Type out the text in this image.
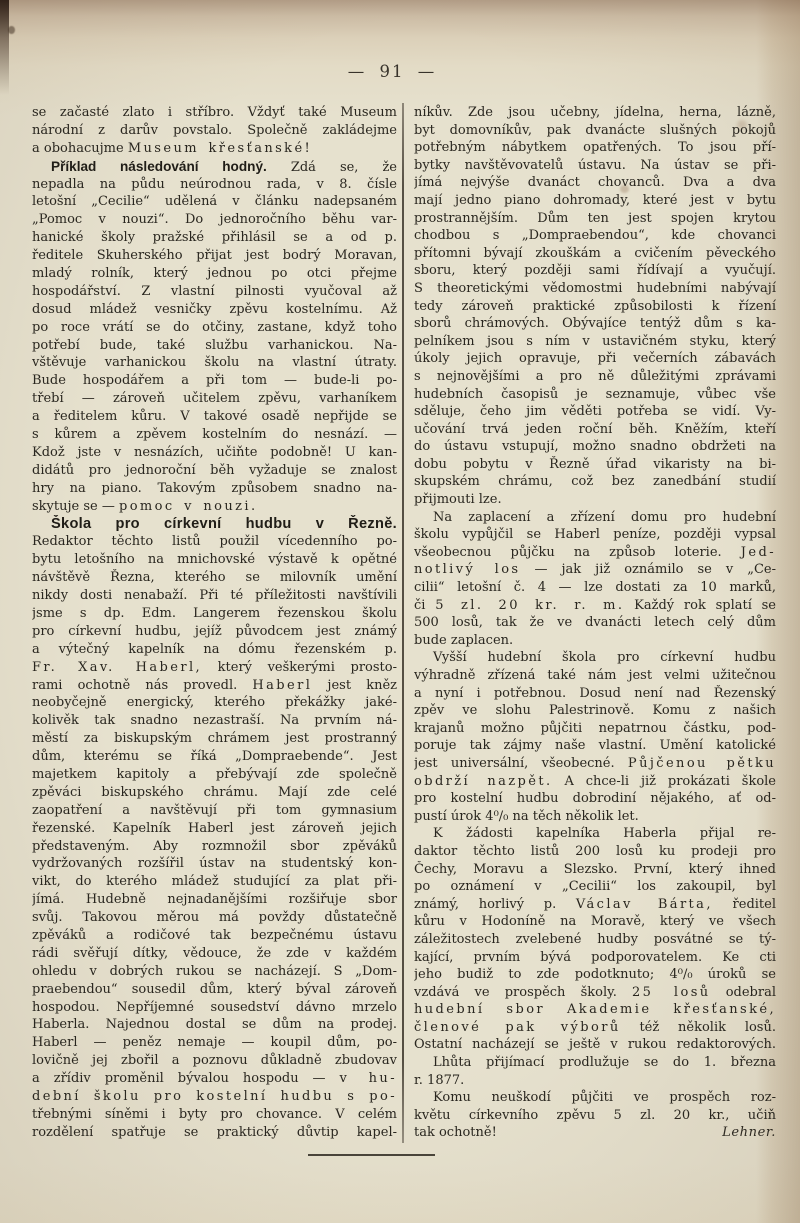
— 91 —
se začasté zlato i stříbro. Vždyť také Museum
národní z darův povstalo. Společně zakládejme
a obohacujme Museum křesťanské!
Příklad následování hodný. Zdá se, že
nepadla na půdu neúrodnou rada, v 8. čísle
letošní „Cecilie“ udělená v článku nadepsaném
„Pomoc v nouzi“. Do jednoročního běhu var-
hanické školy pražské přihlásil se a od p.
ředitele Skuherského přijat jest bodrý Moravan,
mladý rolník, který jednou po otci přejme
hospodářství. Z vlastní pilnosti vyučoval až
dosud mládež vesničky zpěvu kostelnímu. Až
po roce vrátí se do otčiny, zastane, když toho
potřebí bude, také službu varhanickou. Na-
vštěvuje varhanickou školu na vlastní útraty.
Bude hospodářem a při tom — bude-li po-
třebí — zároveň učitelem zpěvu, varhaníkem
a ředitelem kůru. V takové osadě nepřijde se
s kůrem a zpěvem kostelním do nesnází. —
Kdož jste v nesnázích, učiňte podobně! U kan-
didátů pro jednoroční běh vyžaduje se znalost
hry na piano. Takovým způsobem snadno na-
skytuje se — pomoc v nouzi.
Škola pro církevní hudbu v Řezně.
Redaktor těchto listů použil vícedenního po-
bytu letošního na mnichovské výstavě k opětné
návštěvě Řezna, kterého se milovník umění
nikdy dosti nenabaží. Při té příležitosti navštívili
jsme s dp. Edm. Langerem řezenskou školu
pro církevní hudbu, jejíž původcem jest známý
a výtečný kapelník na dómu řezenském p.
Fr. Xav. Haberl, který veškerými prosto-
rami ochotně nás provedl. Haberl jest kněz
neobyčejně energický, kterého překážky jaké-
kolivěk tak snadno nezastraší. Na prvním ná-
městí za biskupským chrámem jest prostranný
dům, kterému se říká „Dompraebende“. Jest
majetkem kapitoly a přebývají zde společně
zpěváci biskupského chrámu. Mají zde celé
zaopatření a navštěvují při tom gymnasium
řezenské. Kapelník Haberl jest zároveň jejich
představeným. Aby rozmnožil sbor zpěváků
vydržovaných rozšířil ústav na studentský kon-
vikt, do kterého mládež studující za plat při-
jímá. Hudebně nejnadanějšími rozšiřuje sbor
svůj. Takovou měrou má povždy důstatečně
zpěváků a rodičové tak bezpečnému ústavu
rádi svěřují dítky, vědouce, že zde v každém
ohledu v dobrých rukou se nacházejí. S „Dom-
praebendou“ sousedil dům, který býval zároveň
hospodou. Nepříjemné sousedství dávno mrzelo
Haberla. Najednou dostal se dům na prodej.
Haberl — peněz nemaje — koupil dům, po-
lovičně jej zbořil a poznovu důkladně zbudovav
a zřídiv proměnil bývalou hospodu — v hu-
dební školu pro kostelní hudbu s po-
třebnými síněmi i byty pro chovance. V celém
rozdělení spatřuje se praktický důvtip kapel-
níkův. Zde jsou učebny, jídelna, herna, lázně,
byt domovníkův, pak dvanácte slušných pokojů
potřebným nábytkem opatřených. To jsou pří-
bytky navštěvovatelů ústavu. Na ústav se při-
jímá nejvýše dvanáct chovanců. Dva a dva
mají jedno piano dohromady, které jest v bytu
prostrannějším. Dům ten jest spojen krytou
chodbou s „Dompraebendou“, kde chovanci
přítomni bývají zkouškám a cvičením pěveckého
sboru, který později sami řídívají a vyučují.
S theoretickými vědomostmi hudebními nabývají
tedy zároveň praktické způsobilosti k řízení
sborů chrámových. Obývajíce tentýž dům s ka-
pelníkem jsou s ním v ustavičném styku, který
úkoly jejich opravuje, při večerních zábavách
s nejnovějšími a pro ně důležitými zprávami
hudebních časopisů je seznamuje, vůbec vše
sděluje, čeho jim věděti potřeba se vidí. Vy-
učování trvá jeden roční běh. Kněžím, kteří
do ústavu vstupují, možno snadno obdržeti na
dobu pobytu v Řezně úřad vikaristy na bi-
skupském chrámu, což bez zanedbání studií
přijmouti lze.
Na zaplacení a zřízení domu pro hudební
školu vypůjčil se Haberl peníze, později vypsal
všeobecnou půjčku na způsob loterie. Jed-
notlivý los — jak již oznámilo se v „Ce-
cilii“ letošní č. 4 — lze dostati za 10 marků,
či 5 zl. 20 kr. r. m. Každý rok splatí se
500 losů, tak že ve dvanácti letech celý dům
bude zaplacen.
Vyšší hudební škola pro církevní hudbu
výhradně zřízená také nám jest velmi užitečnou
a nyní i potřebnou. Dosud není nad Řezenský
zpěv ve slohu Palestrinově. Komu z našich
krajanů možno půjčiti nepatrnou částku, pod-
poruje tak zájmy naše vlastní. Umění katolické
jest universální, všeobecné. Půjčenou pětku
obdrží nazpět. A chce-li již prokázati škole
pro kostelní hudbu dobrodiní nějakého, ať od-
pustí úrok 4⁰/₀ na těch několik let.
K žádosti kapelníka Haberla přijal re-
daktor těchto listů 200 losů ku prodeji pro
Čechy, Moravu a Slezsko. První, který ihned
po oznámení v „Cecilii“ los zakoupil, byl
známý, horlivý p. Václav Bárta, ředitel
kůru v Hodoníně na Moravě, který ve všech
záležitostech zvelebené hudby posvátné se tý-
kající, prvním bývá podporovatelem. Ke cti
jeho budiž to zde podotknuto; 4⁰/₀ úroků se
vzdává ve prospěch školy. 25 losů odebral
hudební sbor Akademie křesťanské,
členové pak výborů též několik losů.
Ostatní nacházejí se ještě v rukou redaktorových.
Lhůta přijímací prodlužuje se do 1. března
r. 1877.
Komu neuškodí půjčiti ve prospěch roz-
květu církevního zpěvu 5 zl. 20 kr., učiň
tak ochotně!	Lehner.
